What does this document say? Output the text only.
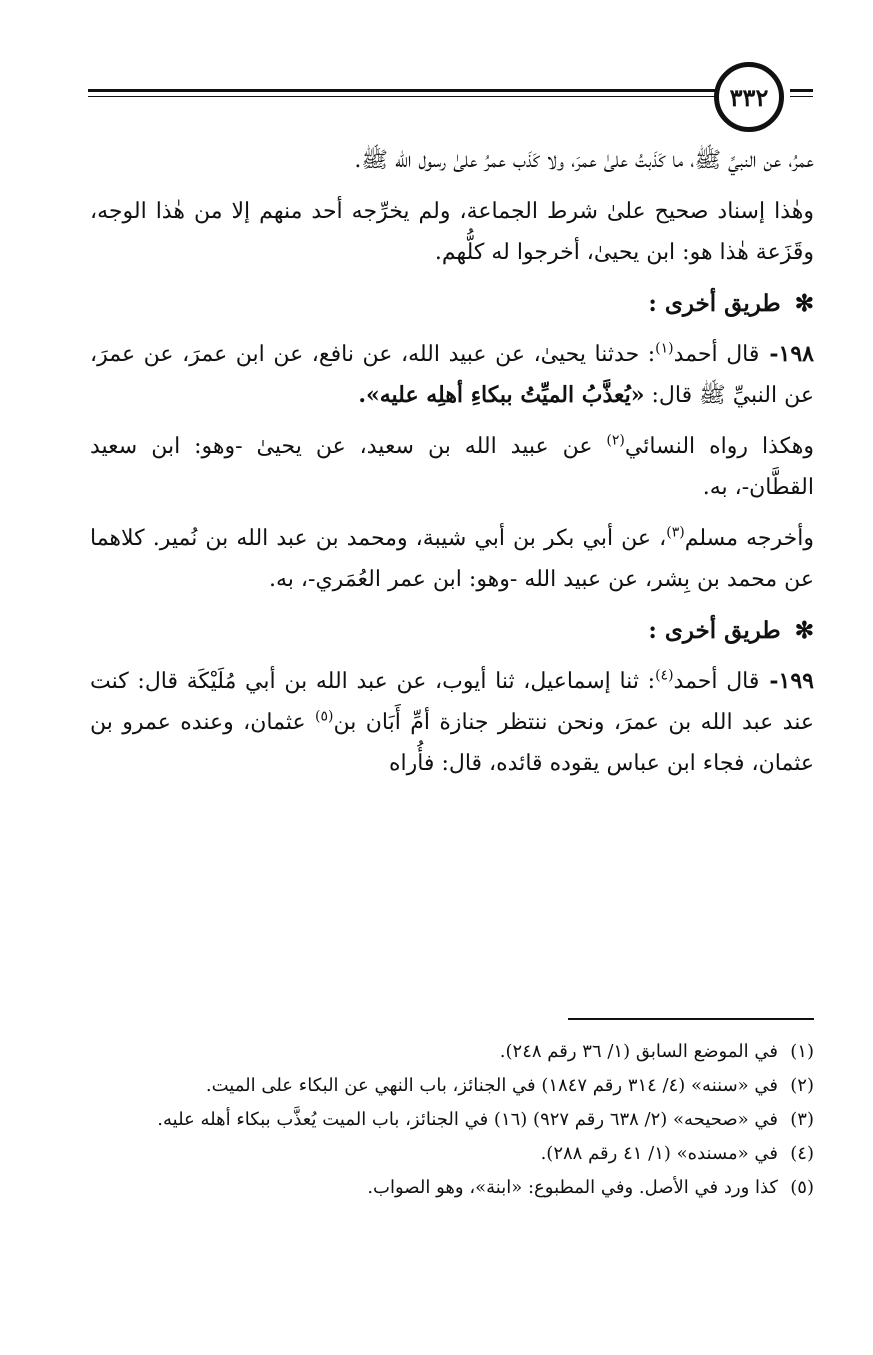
٣٣٢

عمرُ، عن النبيِّ ﷺ، ما كَذَبتُ علىٰ عمرَ، ولا كَذَب عمرُ علىٰ رسول الله ﷺ.

وهٰذا إسناد صحيح علىٰ شرط الجماعة، ولم يخرِّجه أحد منهم إلا من هٰذا الوجه، وقَزَعة هٰذا هو: ابن يحيىٰ، أخرجوا له كلُّهم.

✻طريق أخرى :

١٩٨-قال أحمد$^{(١)}$: حدثنا يحيىٰ، عن عبيد الله، عن نافع، عن ابن عمرَ، عن عمرَ، عن النبيِّ ﷺ قال: «يُعذَّبُ الميِّتُ ببكاءِ أهلِه عليه».

وهكذا رواه النسائي$^{(٢)}$ عن عبيد الله بن سعيد، عن يحيىٰ -وهو: ابن سعيد القطَّان-، به.

وأخرجه مسلم$^{(٣)}$، عن أبي بكر بن أبي شيبة، ومحمد بن عبد الله بن نُمير. كلاهما عن محمد بن بِشر، عن عبيد الله -وهو: ابن عمر العُمَري-، به.

✻طريق أخرى :

١٩٩-قال أحمد$^{(٤)}$: ثنا إسماعيل، ثنا أيوب، عن عبد الله بن أبي مُلَيْكَة قال: كنت عند عبد الله بن عمرَ، ونحن ننتظر جنازة أمِّ أَبَان بن$^{(٥)}$ عثمان، وعنده عمرو بن عثمان، فجاء ابن عباس يقوده قائده، قال: فأُراه

(١)
في الموضع السابق (١/ ٣٦ رقم ٢٤٨).
(٢)
في «سننه» (٤/ ٣١٤ رقم ١٨٤٧) في الجنائز، باب النهي عن البكاء على الميت.
(٣)
في «صحيحه» (٢/ ٦٣٨ رقم ٩٢٧) (١٦) في الجنائز، باب الميت يُعذَّب ببكاء أهله عليه.
(٤)
في «مسنده» (١/ ٤١ رقم ٢٨٨).
(٥)
كذا ورد في الأصل. وفي المطبوع: «ابنة»، وهو الصواب.
